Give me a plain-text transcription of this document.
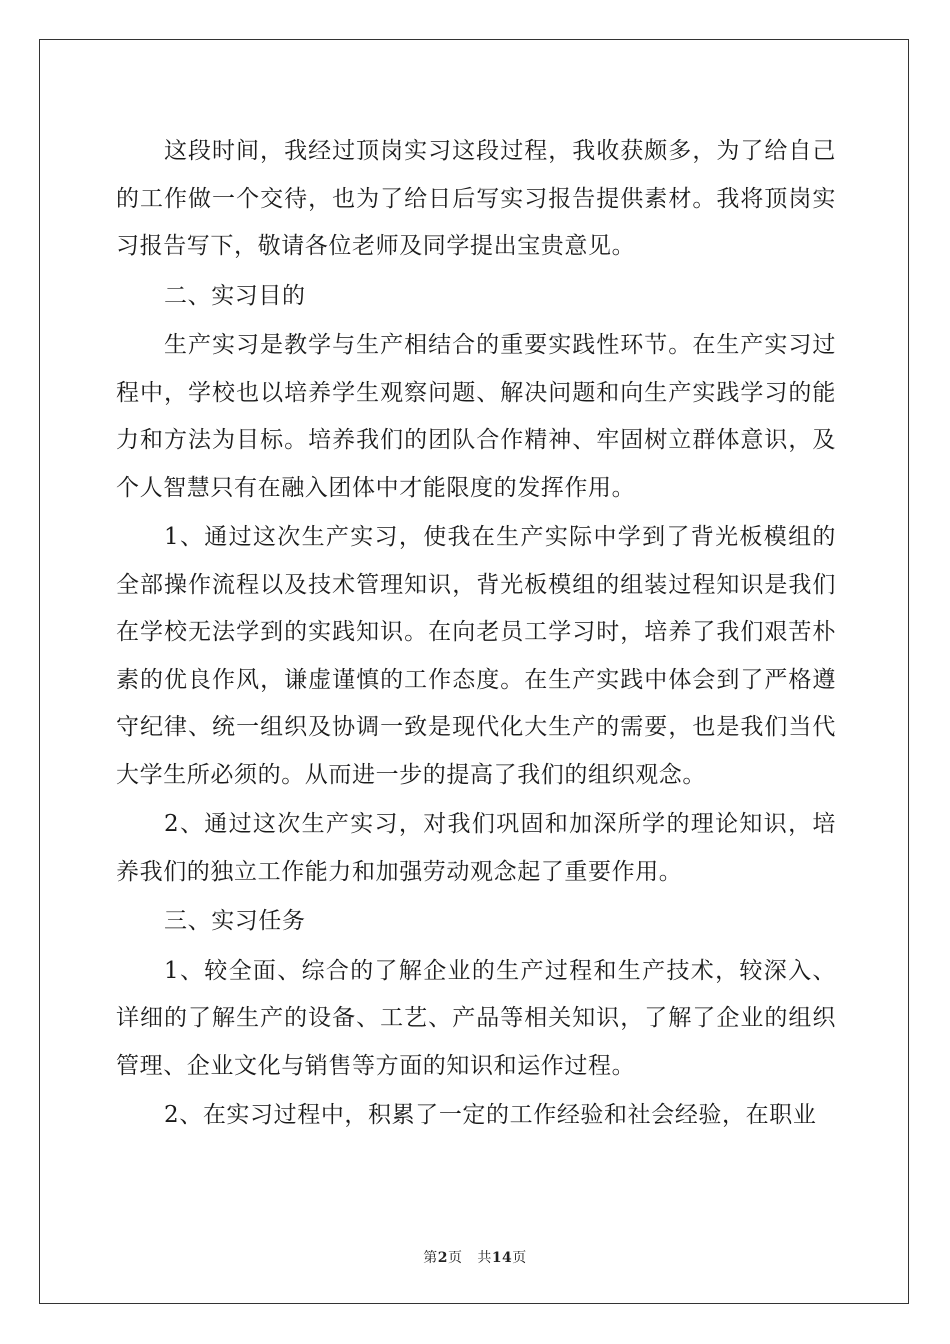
这段时间，我经过顶岗实习这段过程，我收获颇多，为了给自己的工作做一个交待，也为了给日后写实习报告提供素材。我将顶岗实习报告写下，敬请各位老师及同学提出宝贵意见。

二、实习目的

生产实习是教学与生产相结合的重要实践性环节。在生产实习过程中，学校也以培养学生观察问题、解决问题和向生产实践学习的能力和方法为目标。培养我们的团队合作精神、牢固树立群体意识，及个人智慧只有在融入团体中才能限度的发挥作用。

1、通过这次生产实习，使我在生产实际中学到了背光板模组的全部操作流程以及技术管理知识，背光板模组的组装过程知识是我们在学校无法学到的实践知识。在向老员工学习时，培养了我们艰苦朴素的优良作风，谦虚谨慎的工作态度。在生产实践中体会到了严格遵守纪律、统一组织及协调一致是现代化大生产的需要，也是我们当代大学生所必须的。从而进一步的提高了我们的组织观念。

2、通过这次生产实习，对我们巩固和加深所学的理论知识，培养我们的独立工作能力和加强劳动观念起了重要作用。

三、实习任务

1、较全面、综合的了解企业的生产过程和生产技术，较深入、详细的了解生产的设备、工艺、产品等相关知识，了解了企业的组织管理、企业文化与销售等方面的知识和运作过程。

2、在实习过程中，积累了一定的工作经验和社会经验，在职业

第2页 共14页
